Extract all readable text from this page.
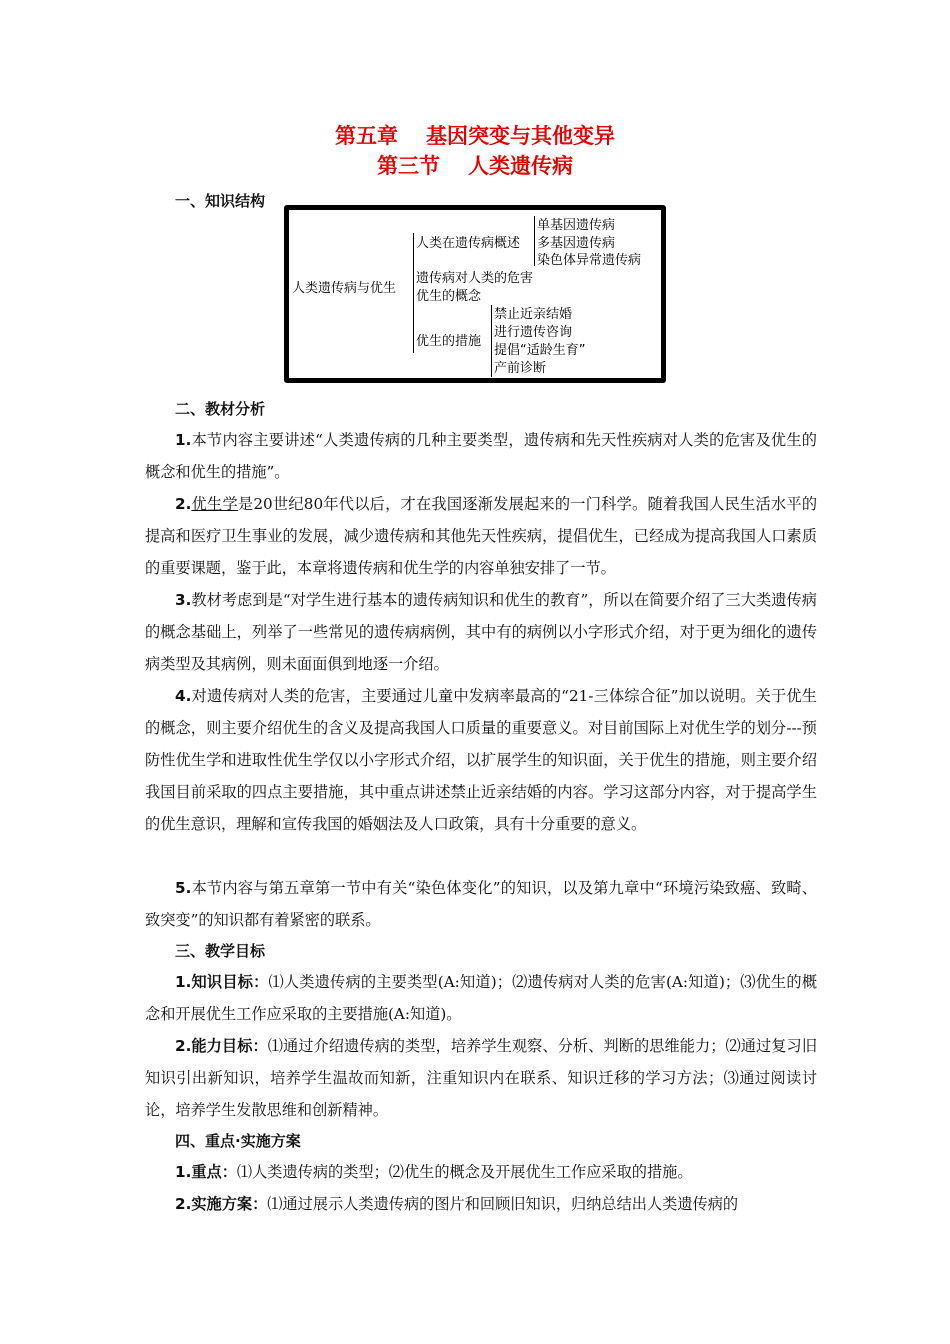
第五章 基因突变与其他变异
第三节 人类遗传病
一、知识结构
人类遗传病与优生
人类在遗传病概述
单基因遗传病
多基因遗传病
染色体异常遗传病
遗传病对人类的危害
优生的概念
优生的措施
禁止近亲结婚
进行遗传咨询
提倡“适龄生育”
产前诊断
二、教材分析
1.本节内容主要讲述“人类遗传病的几种主要类型，遗传病和先天性疾病对人类的危害及优生的概念和优生的措施”。
2.优生学是20世纪80年代以后，才在我国逐渐发展起来的一门科学。随着我国人民生活水平的提高和医疗卫生事业的发展，减少遗传病和其他先天性疾病，提倡优生，已经成为提高我国人口素质的重要课题，鉴于此，本章将遗传病和优生学的内容单独安排了一节。
3.教材考虑到是“对学生进行基本的遗传病知识和优生的教育”，所以在简要介绍了三大类遗传病的概念基础上，列举了一些常见的遗传病病例，其中有的病例以小字形式介绍，对于更为细化的遗传病类型及其病例，则未面面俱到地逐一介绍。
4.对遗传病对人类的危害，主要通过儿童中发病率最高的“21-三体综合征”加以说明。关于优生的概念，则主要介绍优生的含义及提高我国人口质量的重要意义。对目前国际上对优生学的划分---预防性优生学和进取性优生学仅以小字形式介绍，以扩展学生的知识面，关于优生的措施，则主要介绍我国目前采取的四点主要措施，其中重点讲述禁止近亲结婚的内容。学习这部分内容，对于提高学生的优生意识，理解和宣传我国的婚姻法及人口政策，具有十分重要的意义。
5.本节内容与第五章第一节中有关“染色体变化”的知识，以及第九章中“环境污染致癌、致畸、致突变”的知识都有着紧密的联系。
三、教学目标
1.知识目标：⑴人类遗传病的主要类型(A:知道)；⑵遗传病对人类的危害(A:知道)；⑶优生的概念和开展优生工作应采取的主要措施(A:知道)。
2.能力目标：⑴通过介绍遗传病的类型，培养学生观察、分析、判断的思维能力；⑵通过复习旧知识引出新知识，培养学生温故而知新，注重知识内在联系、知识迁移的学习方法；⑶通过阅读讨论，培养学生发散思维和创新精神。
四、重点·实施方案
1.重点：⑴人类遗传病的类型；⑵优生的概念及开展优生工作应采取的措施。
2.实施方案：⑴通过展示人类遗传病的图片和回顾旧知识，归纳总结出人类遗传病的
